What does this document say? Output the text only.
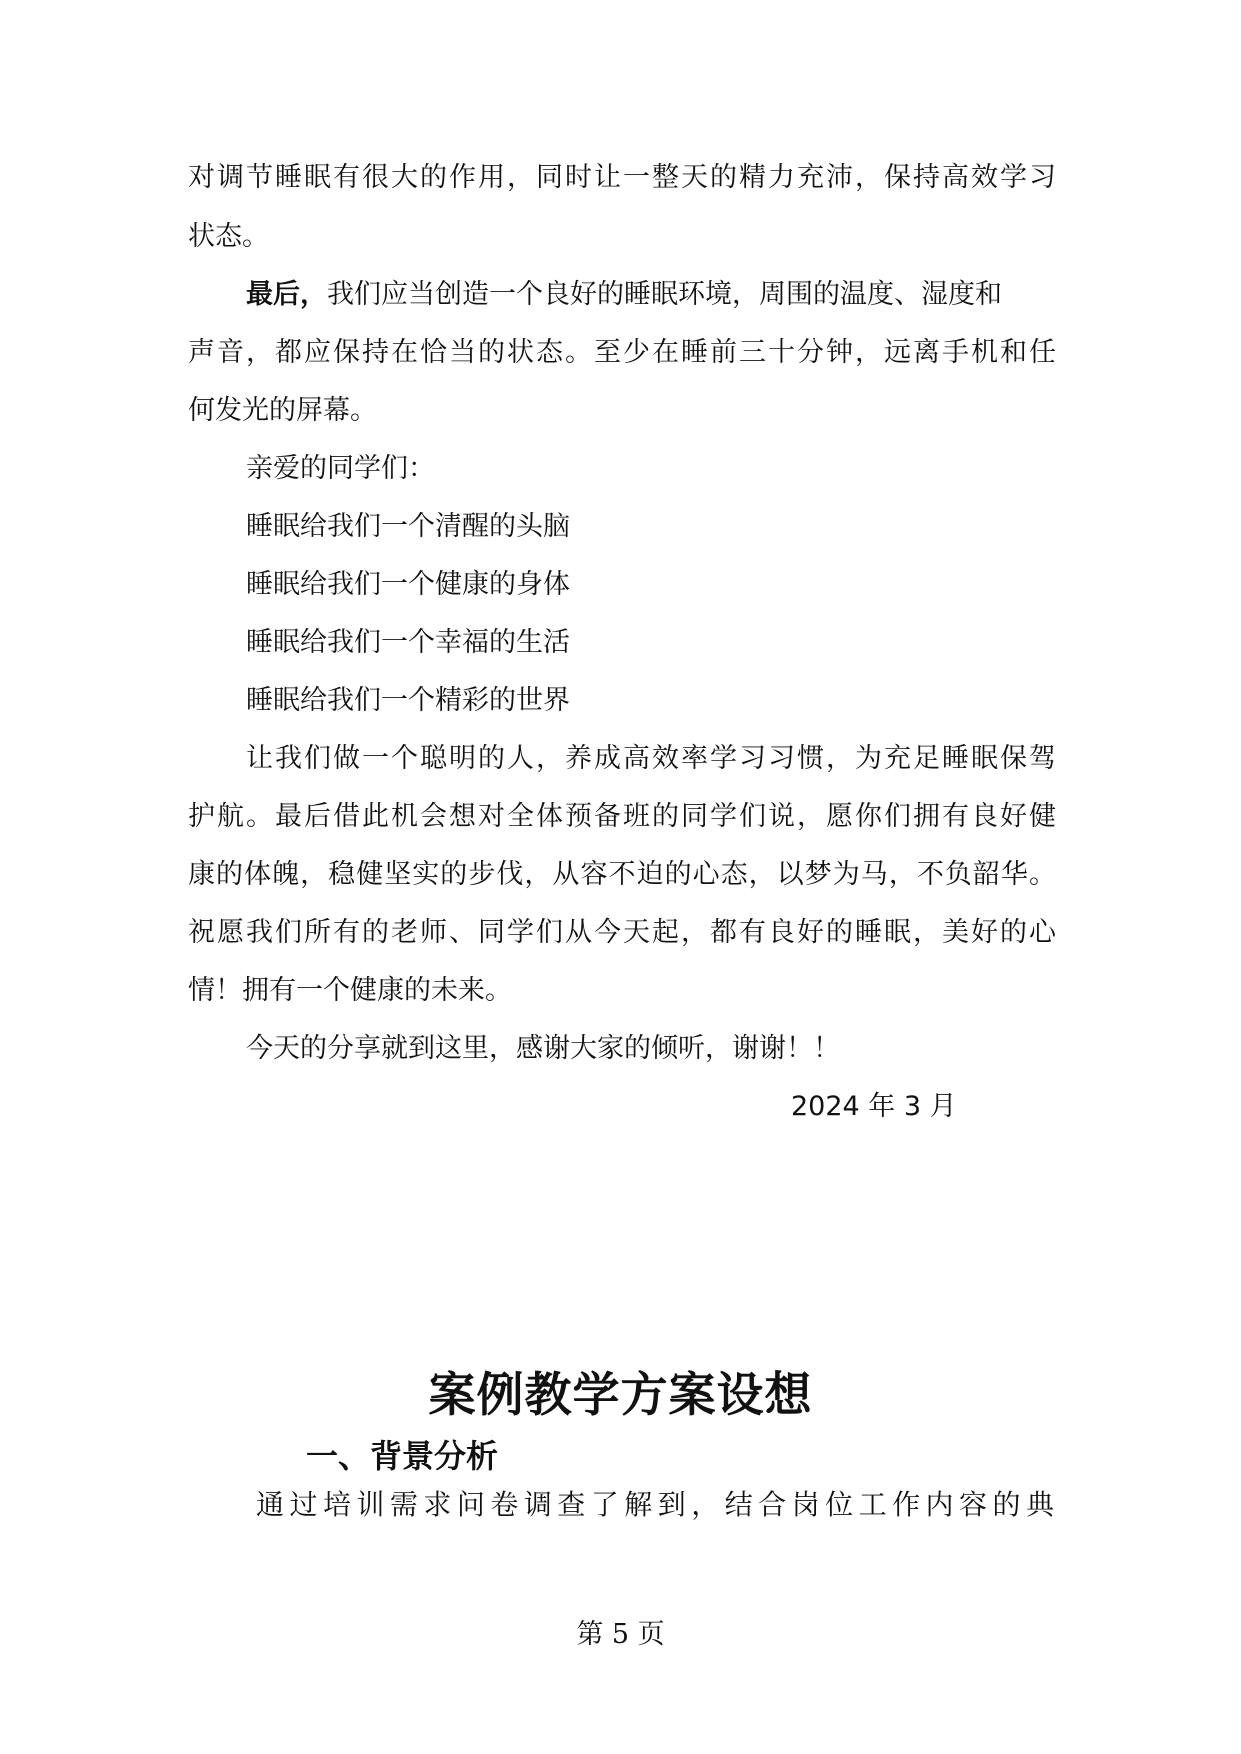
对调节睡眠有很大的作用，同时让一整天的精力充沛，保持高效学习
状态。
最后，我们应当创造一个良好的睡眠环境，周围的温度、湿度和
声音，都应保持在恰当的状态。至少在睡前三十分钟，远离手机和任
何发光的屏幕。
亲爱的同学们：
睡眠给我们一个清醒的头脑
睡眠给我们一个健康的身体
睡眠给我们一个幸福的生活
睡眠给我们一个精彩的世界
让我们做一个聪明的人，养成高效率学习习惯，为充足睡眠保驾
护航。最后借此机会想对全体预备班的同学们说，愿你们拥有良好健
康的体魄，稳健坚实的步伐，从容不迫的心态，以梦为马，不负韶华。
祝愿我们所有的老师、同学们从今天起，都有良好的睡眠，美好的心
情！拥有一个健康的未来。
今天的分享就到这里，感谢大家的倾听，谢谢！！
2024 年 3 月
案例教学方案设想
一、背景分析
通过培训需求问卷调查了解到，结合岗位工作内容的典
第 5 页
